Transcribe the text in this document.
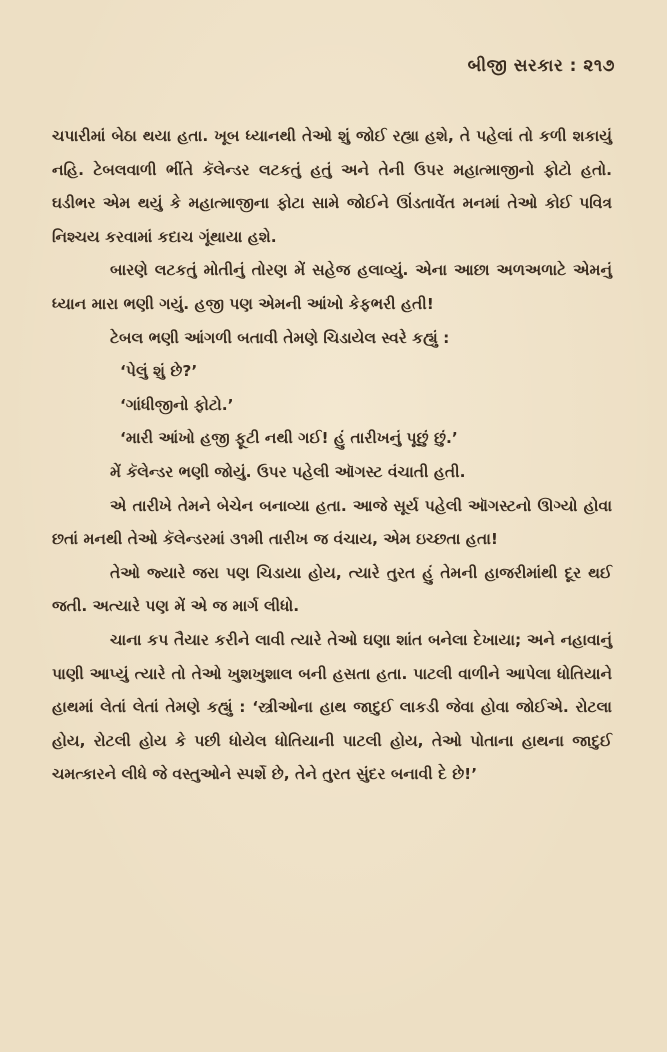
બીજી સરકાર : ૨૧૭

ચપારીમાં બેઠા થયા હતા. ખૂબ ધ્યાનથી તેઓ શું જોઈ રહ્યા હશે, તે પહેલાં તો કળી શકાયું નહિ. ટેબલવાળી ભીંતે કૅલેન્ડર લટકતું હતું અને તેની ઉપર મહાત્માજીનો ફોટો હતો. ઘડીભર એમ થયું કે મહાત્માજીના ફોટા સામે જોઈને ઊંડતાવેંત મનમાં તેઓ કોઈ પવિત્ર નિશ્ચય કરવામાં કદાચ ગૂંથાયા હશે.

બારણે લટકતું મોતીનું તોરણ મેં સહેજ હલાવ્યું. એના આછા અળઅળાટે એમનું ધ્યાન મારા ભણી ગયું. હજી પણ એમની આંખો કેફભરી હતી!

ટેબલ ભણી આંગળી બતાવી તેમણે ચિડાયેલ સ્વરે કહ્યું :

‘પેલું શું છે?’

‘ગાંધીજીનો ફોટો.’

‘મારી આંખો હજી ફૂટી નથી ગઈ! હું તારીખનું પૂછું છું.’

મેં કૅલેન્ડર ભણી જોયું. ઉપર પહેલી ઑગસ્ટ વંચાતી હતી.

એ તારીખે તેમને બેચેન બનાવ્યા હતા. આજે સૂર્ય પહેલી ઑગસ્ટનો ઊગ્યો હોવા છતાં મનથી તેઓ કૅલેન્ડરમાં ૩૧મી તારીખ જ વંચાય, એમ ઇચ્છતા હતા!

તેઓ જ્યારે જરા પણ ચિડાયા હોય, ત્યારે તુરત હું તેમની હાજરીમાંથી દૂર થઈ જતી. અત્યારે પણ મેં એ જ માર્ગ લીધો.

ચાના કપ તૈયાર કરીને લાવી ત્યારે તેઓ ઘણા શાંત બનેલા દેખાયા; અને નહાવાનું પાણી આપ્યું ત્યારે તો તેઓ ખુશખુશાલ બની હસતા હતા. પાટલી વાળીને આપેલા ધોતિયાને હાથમાં લેતાં લેતાં તેમણે કહ્યું : ‘સ્ત્રીઓના હાથ જાદુઈ લાકડી જેવા હોવા જોઈએ. રોટલા હોય, રોટલી હોય કે પછી ધોયેલ ધોતિયાની પાટલી હોય, તેઓ પોતાના હાથના જાદુઈ ચમત્કારને લીધે જે વસ્તુઓને સ્પર્શે છે, તેને તુરત સુંદર બનાવી દે છે!’
